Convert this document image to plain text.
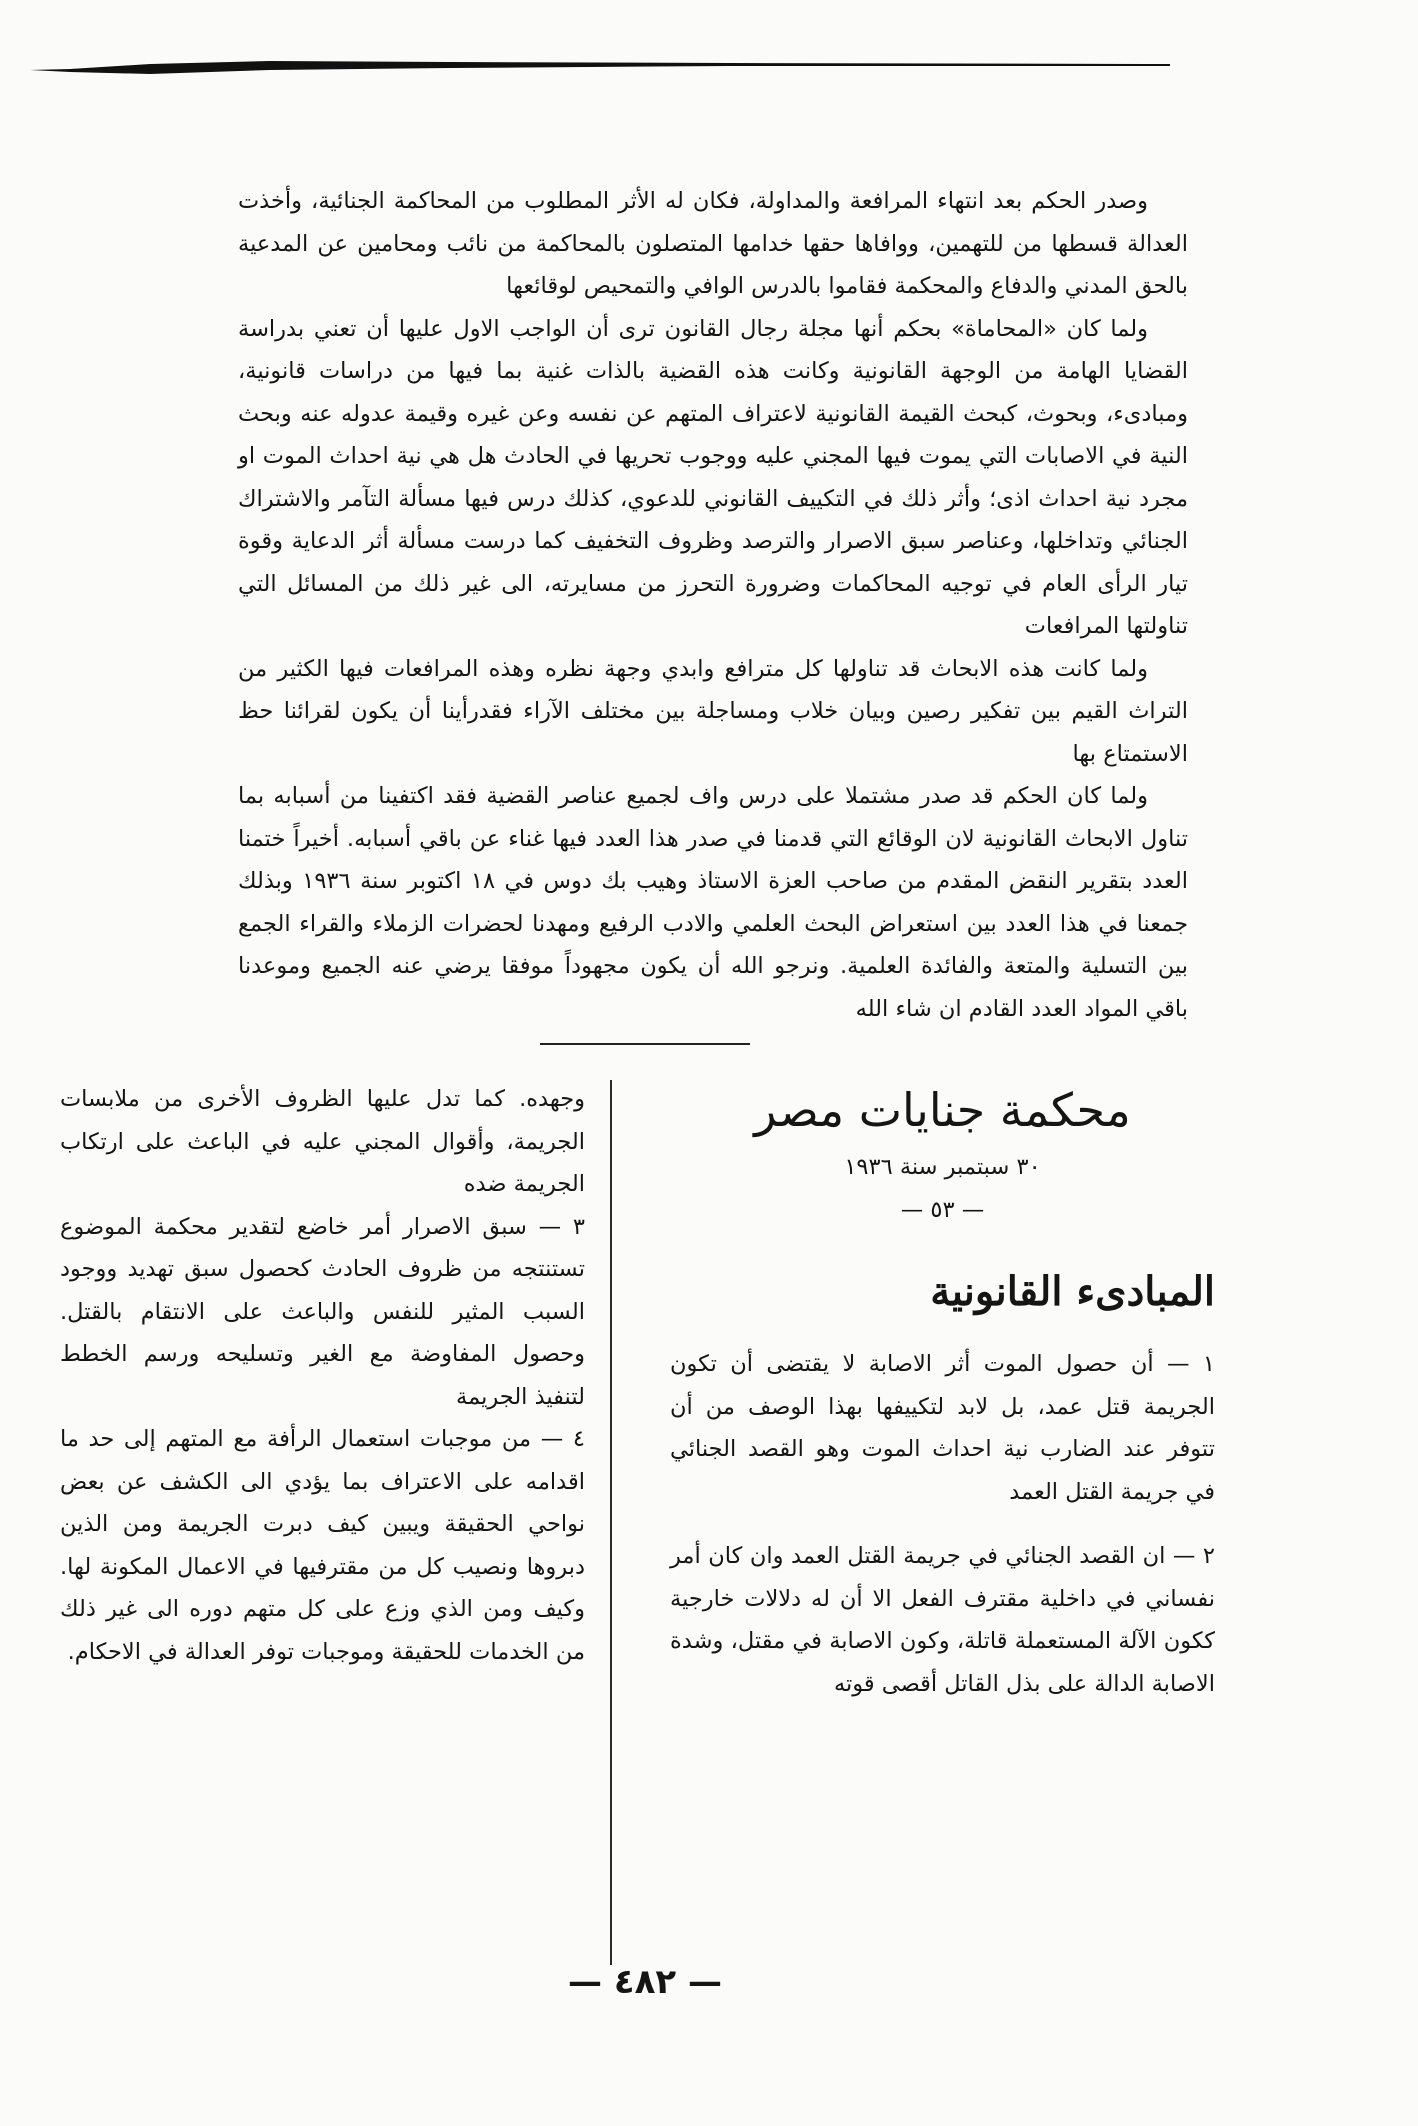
وصدر الحكم بعد انتهاء المرافعة والمداولة، فكان له الأثر المطلوب من المحاكمة الجنائية، وأخذت العدالة قسطها من للتهمين، ووافاها حقها خدامها المتصلون بالمحاكمة من نائب ومحامين عن المدعية بالحق المدني والدفاع والمحكمة فقاموا بالدرس الوافي والتمحيص لوقائعها

ولما كان «المحاماة» بحكم أنها مجلة رجال القانون ترى أن الواجب الاول عليها أن تعني بدراسة القضايا الهامة من الوجهة القانونية وكانت هذه القضية بالذات غنية بما فيها من دراسات قانونية، ومبادىء، وبحوث، كبحث القيمة القانونية لاعتراف المتهم عن نفسه وعن غيره وقيمة عدوله عنه وبحث النية في الاصابات التي يموت فيها المجني عليه ووجوب تحريها في الحادث هل هي نية احداث الموت او مجرد نية احداث اذى؛ وأثر ذلك في التكييف القانوني للدعوي، كذلك درس فيها مسألة التآمر والاشتراك الجنائي وتداخلها، وعناصر سبق الاصرار والترصد وظروف التخفيف كما درست مسألة أثر الدعاية وقوة تيار الرأى العام في توجيه المحاكمات وضرورة التحرز من مسايرته، الى غير ذلك من المسائل التي تناولتها المرافعات

ولما كانت هذه الابحاث قد تناولها كل مترافع وابدي وجهة نظره وهذه المرافعات فيها الكثير من التراث القيم بين تفكير رصين وبيان خلاب ومساجلة بين مختلف الآراء فقدرأينا أن يكون لقرائنا حظ الاستمتاع بها

ولما كان الحكم قد صدر مشتملا على درس واف لجميع عناصر القضية فقد اكتفينا من أسبابه بما تناول الابحاث القانونية لان الوقائع التي قدمنا في صدر هذا العدد فيها غناء عن باقي أسبابه. أخيراً ختمنا العدد بتقرير النقض المقدم من صاحب العزة الاستاذ وهيب بك دوس في ١٨ اكتوبر سنة ١٩٣٦ وبذلك جمعنا في هذا العدد بين استعراض البحث العلمي والادب الرفيع ومهدنا لحضرات الزملاء والقراء الجمع بين التسلية والمتعة والفائدة العلمية. ونرجو الله أن يكون مجهوداً موفقا يرضي عنه الجميع وموعدنا باقي المواد العدد القادم ان شاء الله

محكمة جنايات مصر
٣٠ سبتمبر سنة ١٩٣٦
— ٥٣ —
المبادىء القانونية

١ — أن حصول الموت أثر الاصابة لا يقتضى أن تكون الجريمة قتل عمد، بل لابد لتكييفها بهذا الوصف من أن تتوفر عند الضارب نية احداث الموت وهو القصد الجنائي في جريمة القتل العمد

٢ — ان القصد الجنائي في جريمة القتل العمد وان كان أمر نفساني في داخلية مقترف الفعل الا أن له دلالات خارجية ككون الآلة المستعملة قاتلة، وكون الاصابة في مقتل، وشدة الاصابة الدالة على بذل القاتل أقصى قوته

وجهده. كما تدل عليها الظروف الأخرى من ملابسات الجريمة، وأقوال المجني عليه في الباعث على ارتكاب الجريمة ضده

٣ — سبق الاصرار أمر خاضع لتقدير محكمة الموضوع تستنتجه من ظروف الحادث كحصول سبق تهديد ووجود السبب المثير للنفس والباعث على الانتقام بالقتل. وحصول المفاوضة مع الغير وتسليحه ورسم الخطط لتنفيذ الجريمة

٤ — من موجبات استعمال الرأفة مع المتهم إلى حد ما اقدامه على الاعتراف بما يؤدي الى الكشف عن بعض نواحي الحقيقة ويبين كيف دبرت الجريمة ومن الذين دبروها ونصيب كل من مقترفيها في الاعمال المكونة لها. وكيف ومن الذي وزع على كل متهم دوره الى غير ذلك من الخدمات للحقيقة وموجبات توفر العدالة في الاحكام.

— ٤٨٢ —
